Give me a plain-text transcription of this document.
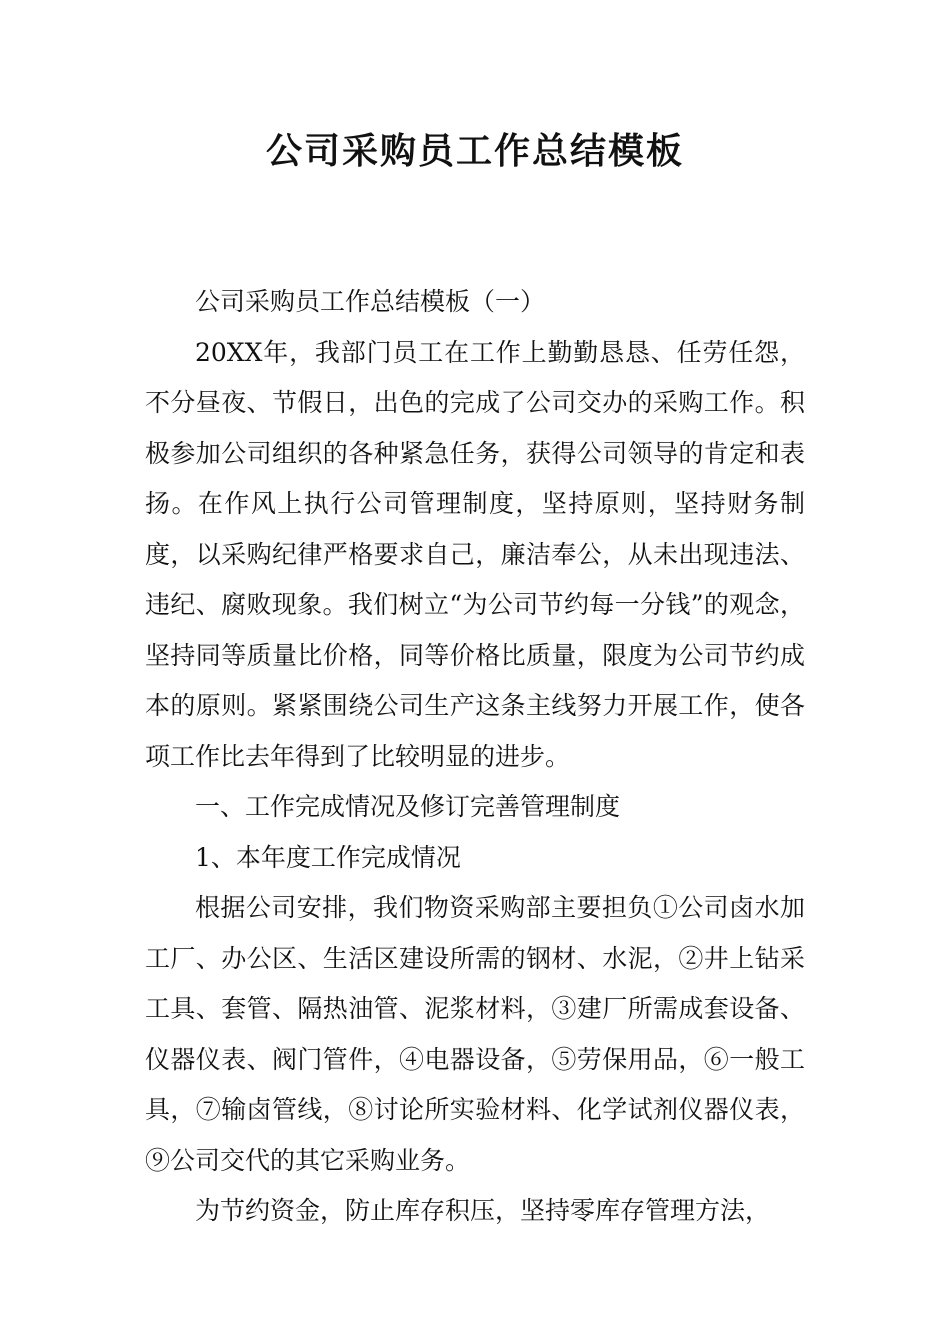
公司采购员工作总结模板

公司采购员工作总结模板（一）

20XX年，我部门员工在工作上勤勤恳恳、任劳任怨，不分昼夜、节假日，出色的完成了公司交办的采购工作。积极参加公司组织的各种紧急任务，获得公司领导的肯定和表扬。在作风上执行公司管理制度，坚持原则，坚持财务制度，以采购纪律严格要求自己，廉洁奉公，从未出现违法、违纪、腐败现象。我们树立“为公司节约每一分钱”的观念，坚持同等质量比价格，同等价格比质量，限度为公司节约成本的原则。紧紧围绕公司生产这条主线努力开展工作，使各项工作比去年得到了比较明显的进步。

一、工作完成情况及修订完善管理制度

1、本年度工作完成情况

根据公司安排，我们物资采购部主要担负①公司卤水加工厂、办公区、生活区建设所需的钢材、水泥，②井上钻采工具、套管、隔热油管、泥浆材料，③建厂所需成套设备、仪器仪表、阀门管件，④电器设备，⑤劳保用品，⑥一般工具，⑦输卤管线，⑧讨论所实验材料、化学试剂仪器仪表，⑨公司交代的其它采购业务。

为节约资金，防止库存积压，坚持零库存管理方法，
